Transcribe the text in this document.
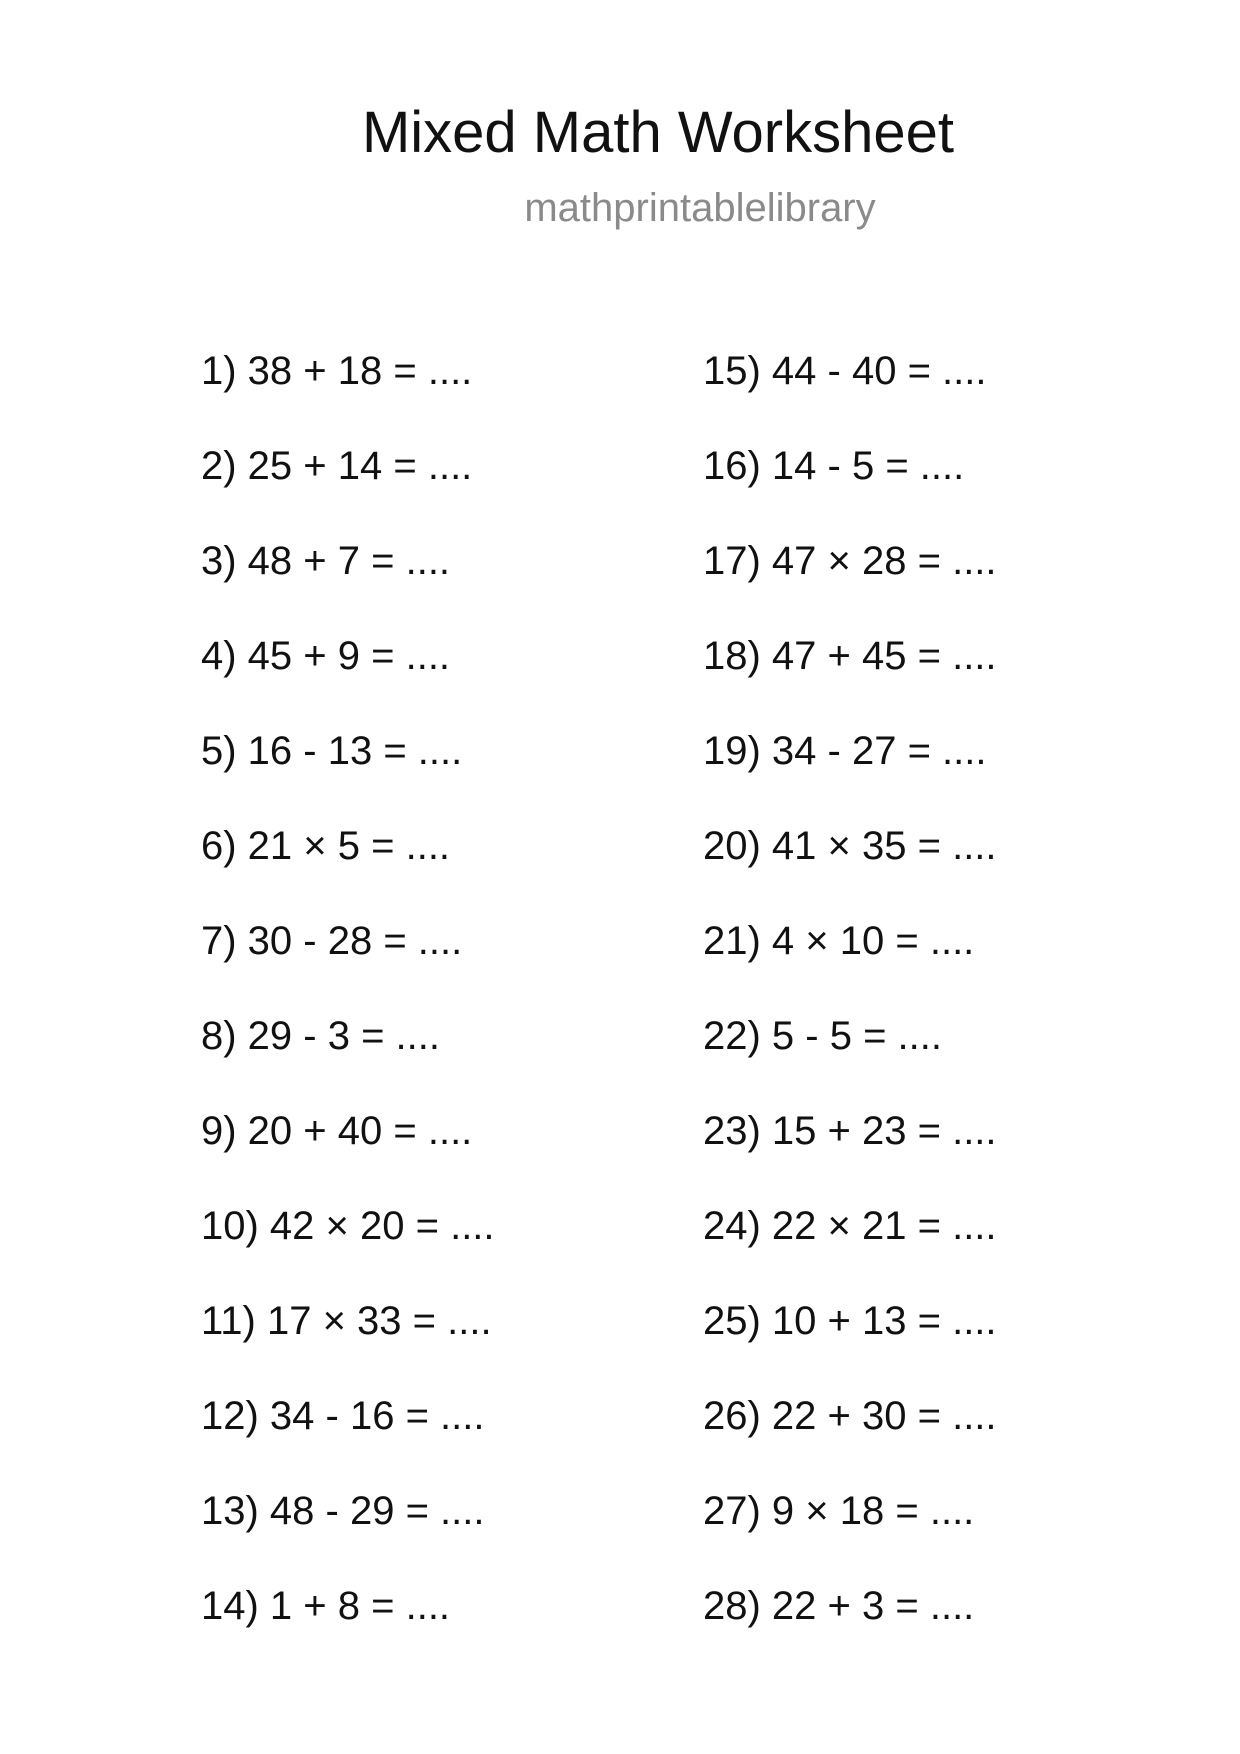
Mixed Math Worksheet
mathprintablelibrary
1) 38 + 18 = ....
2) 25 + 14 = ....
3) 48 + 7 = ....
4) 45 + 9 = ....
5) 16 - 13 = ....
6) 21 × 5 = ....
7) 30 - 28 = ....
8) 29 - 3 = ....
9) 20 + 40 = ....
10) 42 × 20 = ....
11) 17 × 33 = ....
12) 34 - 16 = ....
13) 48 - 29 = ....
14) 1 + 8 = ....
15) 44 - 40 = ....
16) 14 - 5 = ....
17) 47 × 28 = ....
18) 47 + 45 = ....
19) 34 - 27 = ....
20) 41 × 35 = ....
21) 4 × 10 = ....
22) 5 - 5 = ....
23) 15 + 23 = ....
24) 22 × 21 = ....
25) 10 + 13 = ....
26) 22 + 30 = ....
27) 9 × 18 = ....
28) 22 + 3 = ....
